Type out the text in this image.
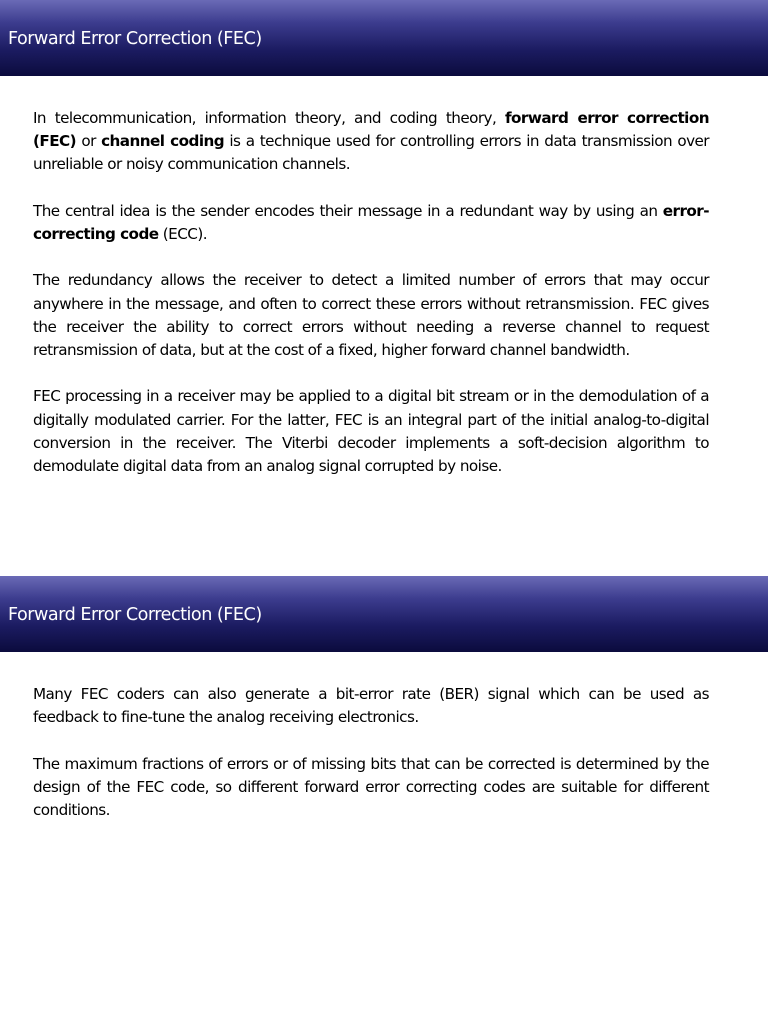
Forward Error Correction (FEC)

In telecommunication, information theory, and coding theory, forward error correction (FEC) or channel coding is a technique used for controlling errors in data transmission over unreliable or noisy communication channels.

The central idea is the sender encodes their message in a redundant way by using an error-correcting code (ECC).

The redundancy allows the receiver to detect a limited number of errors that may occur anywhere in the message, and often to correct these errors without retransmission. FEC gives the receiver the ability to correct errors without needing a reverse channel to request retransmission of data, but at the cost of a fixed, higher forward channel bandwidth.

FEC processing in a receiver may be applied to a digital bit stream or in the demodulation of a digitally modulated carrier. For the latter, FEC is an integral part of the initial analog-to-digital conversion in the receiver. The Viterbi decoder implements a soft-decision algorithm to demodulate digital data from an analog signal corrupted by noise.

Forward Error Correction (FEC)

Many FEC coders can also generate a bit-error rate (BER) signal which can be used as feedback to fine-tune the analog receiving electronics.

The maximum fractions of errors or of missing bits that can be corrected is determined by the design of the FEC code, so different forward error correcting codes are suitable for different conditions.
